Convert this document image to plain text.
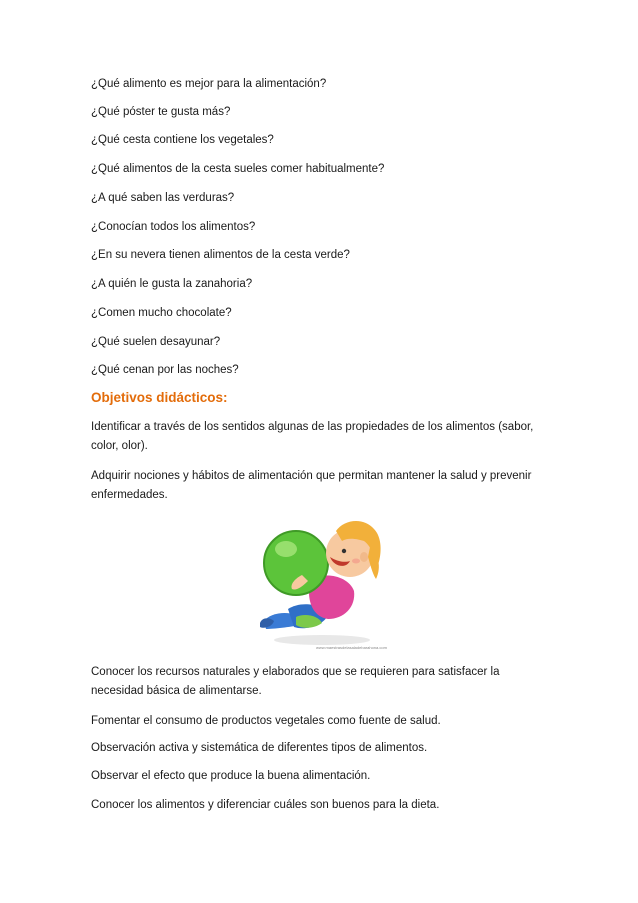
¿Qué alimento es mejor para la alimentación?
¿Qué póster te gusta más?
¿Qué cesta contiene los vegetales?
¿Qué alimentos de la cesta sueles comer habitualmente?
¿A qué saben las verduras?
¿Conocían todos los alimentos?
¿En su nevera tienen alimentos de la cesta verde?
¿A quién le gusta la zanahoria?
¿Comen mucho chocolate?
¿Qué suelen desayunar?
¿Qué cenan por las noches?
Objetivos didácticos:
Identificar a través de los sentidos algunas de las propiedades de los alimentos (sabor, color, olor).
Adquirir nociones y hábitos de alimentación que permitan mantener la salud y prevenir enfermedades.
www.maestrasdelasaladebarahona.com
Conocer los recursos naturales y elaborados que se requieren para satisfacer la necesidad básica de alimentarse.
Fomentar el consumo de productos vegetales como fuente de salud.
Observación activa y sistemática de diferentes tipos de alimentos.
Observar el efecto que produce la buena alimentación.
Conocer los alimentos y diferenciar cuáles son buenos para la dieta.
